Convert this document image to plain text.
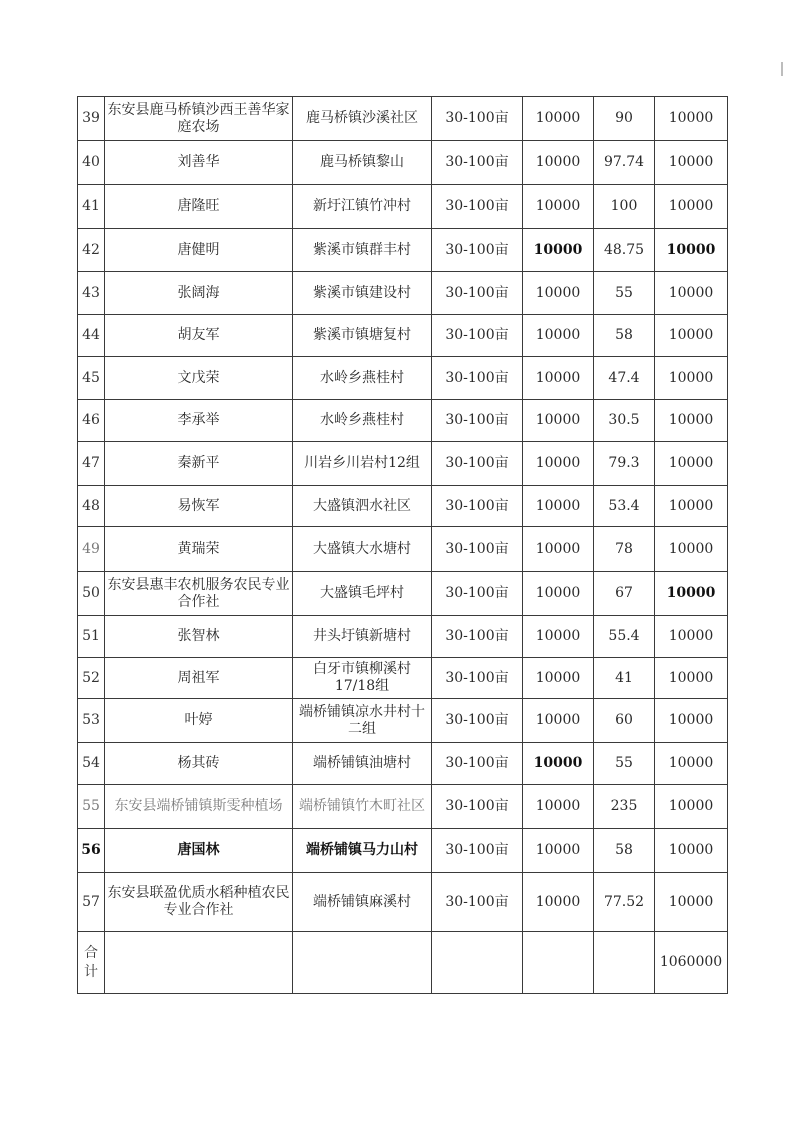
39	东安县鹿马桥镇沙西王善华家庭农场	鹿马桥镇沙溪社区	30-100亩	10000	90	10000
40	刘善华	鹿马桥镇黎山	30-100亩	10000	97.74	10000
41	唐隆旺	新圩江镇竹冲村	30-100亩	10000	100	10000
42	唐健明	紫溪市镇群丰村	30-100亩	10000	48.75	10000
43	张阔海	紫溪市镇建设村	30-100亩	10000	55	10000
44	胡友军	紫溪市镇塘复村	30-100亩	10000	58	10000
45	文戊荣	水岭乡燕桂村	30-100亩	10000	47.4	10000
46	李承举	水岭乡燕桂村	30-100亩	10000	30.5	10000
47	秦新平	川岩乡川岩村12组	30-100亩	10000	79.3	10000
48	易恢军	大盛镇泗水社区	30-100亩	10000	53.4	10000
49	黄瑞荣	大盛镇大水塘村	30-100亩	10000	78	10000
50	东安县惠丰农机服务农民专业合作社	大盛镇毛坪村	30-100亩	10000	67	10000
51	张智林	井头圩镇新塘村	30-100亩	10000	55.4	10000
52	周祖军	白牙市镇柳溪村17/18组	30-100亩	10000	41	10000
53	叶婷	端桥铺镇凉水井村十二组	30-100亩	10000	60	10000
54	杨其砖	端桥铺镇油塘村	30-100亩	10000	55	10000
55	东安县端桥铺镇斯雯种植场	端桥铺镇竹木町社区	30-100亩	10000	235	10000
56	唐国林	端桥铺镇马力山村	30-100亩	10000	58	10000
57	东安县联盈优质水稻种植农民专业合作社	端桥铺镇麻溪村	30-100亩	10000	77.52	10000
合计						1060000
